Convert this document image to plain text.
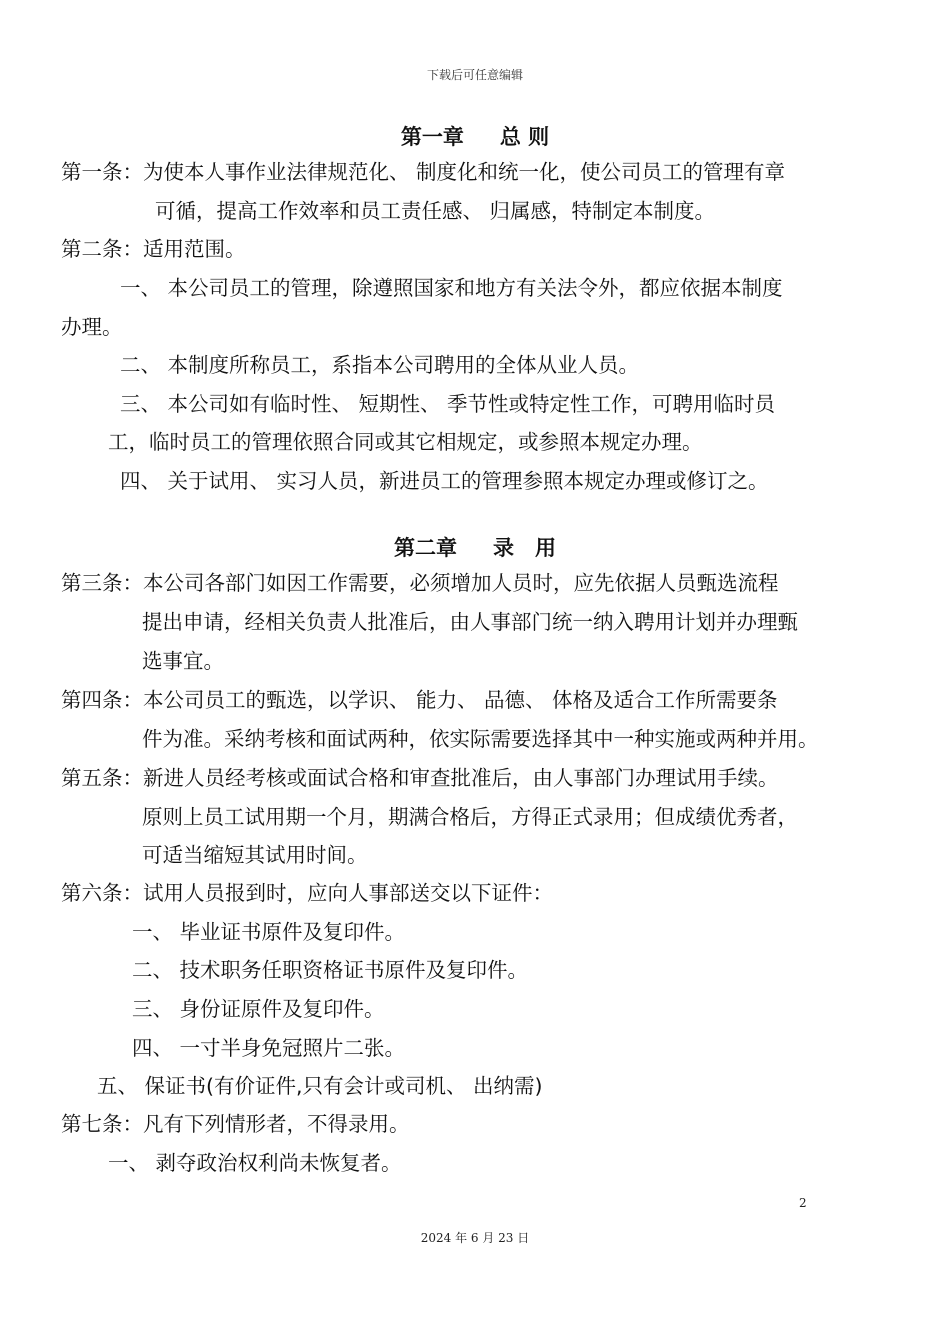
下载后可任意编辑
第一章 总 则
第一条：为使本人事作业法律规范化、 制度化和统一化，使公司员工的管理有章
可循，提高工作效率和员工责任感、 归属感，特制定本制度。
第二条：适用范围。
一、 本公司员工的管理，除遵照国家和地方有关法令外，都应依据本制度
办理。
二、 本制度所称员工，系指本公司聘用的全体从业人员。
三、 本公司如有临时性、 短期性、 季节性或特定性工作，可聘用临时员
工，临时员工的管理依照合同或其它相规定，或参照本规定办理。
四、 关于试用、 实习人员，新进员工的管理参照本规定办理或修订之。
第二章 录　用
第三条：本公司各部门如因工作需要，必须增加人员时，应先依据人员甄选流程
提出申请，经相关负责人批准后，由人事部门统一纳入聘用计划并办理甄
选事宜。
第四条：本公司员工的甄选，以学识、 能力、 品德、 体格及适合工作所需要条
件为准。采纳考核和面试两种，依实际需要选择其中一种实施或两种并用。
第五条：新进人员经考核或面试合格和审查批准后，由人事部门办理试用手续。
原则上员工试用期一个月，期满合格后，方得正式录用；但成绩优秀者，
可适当缩短其试用时间。
第六条：试用人员报到时，应向人事部送交以下证件：
一、 毕业证书原件及复印件。
二、 技术职务任职资格证书原件及复印件。
三、 身份证原件及复印件。
四、 一寸半身免冠照片二张。
五、 保证书(有价证件,只有会计或司机、 出纳需)
第七条：凡有下列情形者，不得录用。
一、 剥夺政治权利尚未恢复者。
2
2024 年 6 月 23 日
